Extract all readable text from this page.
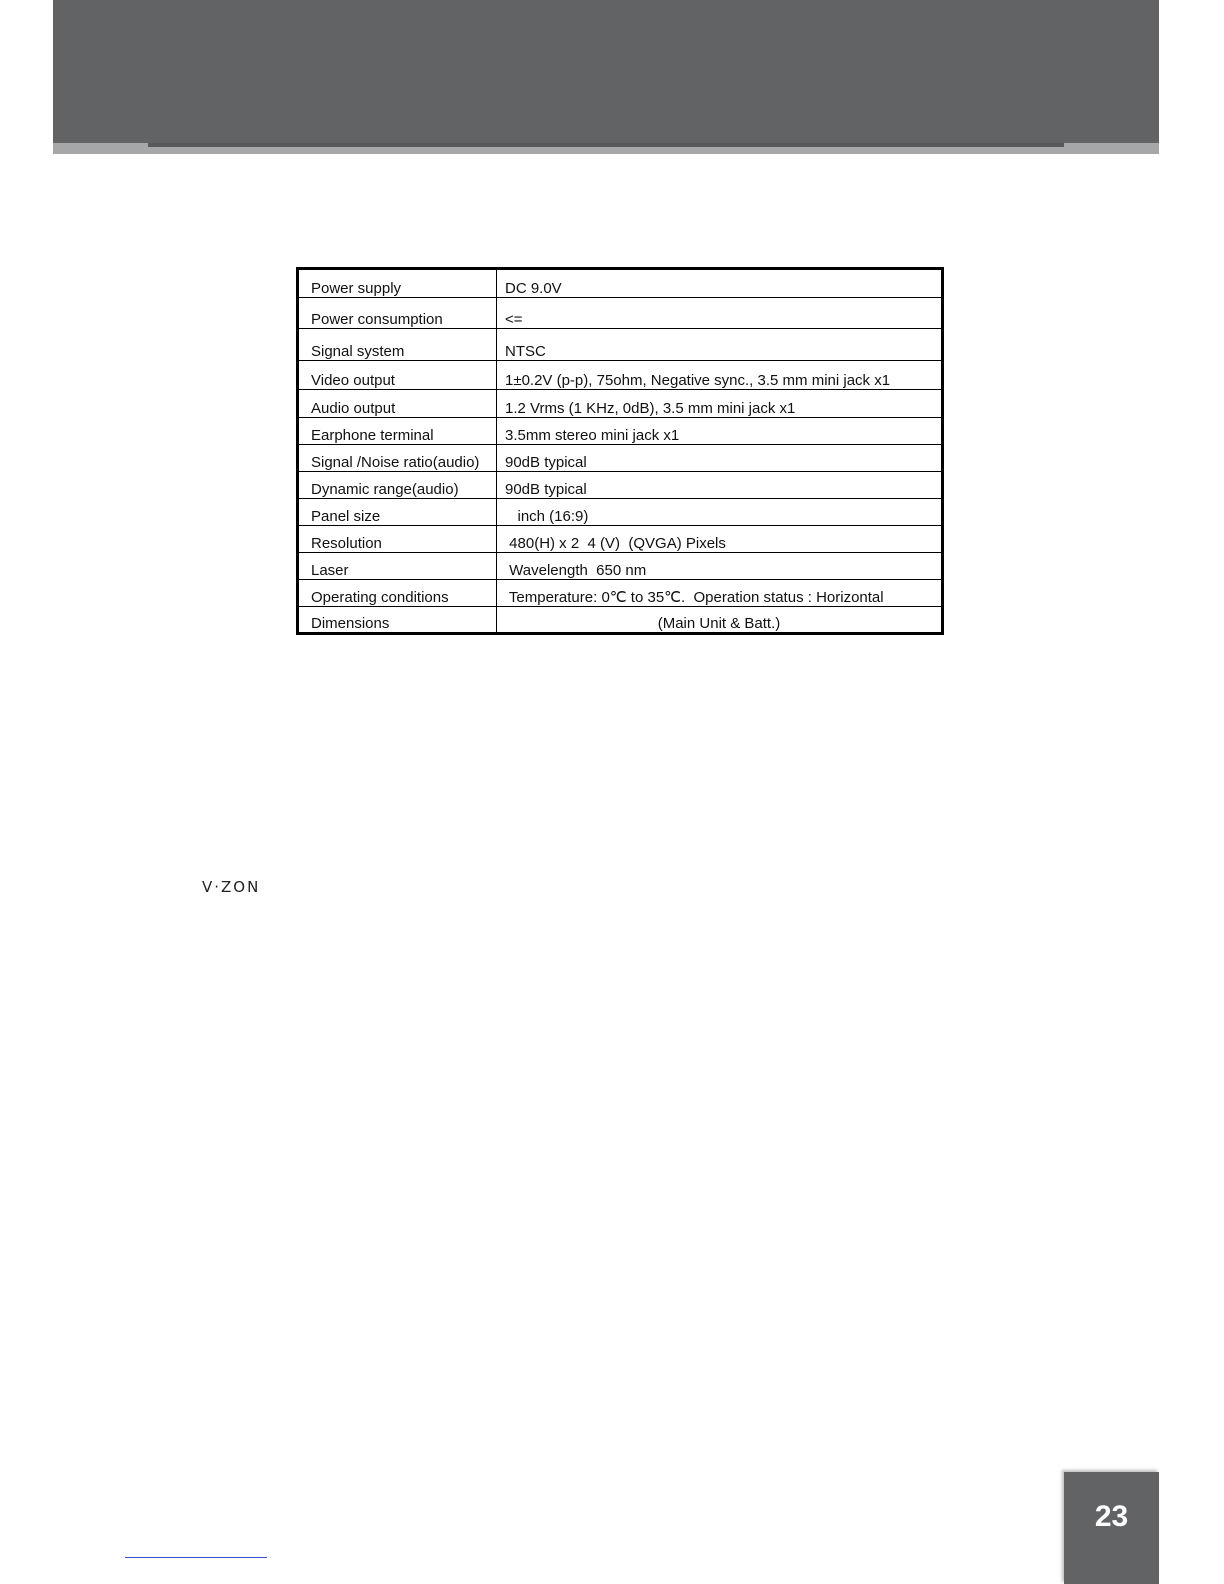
Power supply	DC 9.0V
Power consumption	<=
Signal system	NTSC
Video output	1±0.2V (p-p), 75ohm, Negative sync., 3.5 mm mini jack x1
Audio output	1.2 Vrms (1 KHz, 0dB), 3.5 mm mini jack x1
Earphone terminal	3.5mm stereo mini jack x1
Signal /Noise ratio(audio)	90dB typical
Dynamic range(audio)	90dB typical
Panel size	inch (16:9)
Resolution	480(H) x 2  4 (V)  (QVGA) Pixels
Laser	Wavelength  650 nm
Operating conditions	Temperature: 0℃ to 35℃.  Operation status : Horizontal
Dimensions	(Main Unit & Batt.)
V·ZON
23
